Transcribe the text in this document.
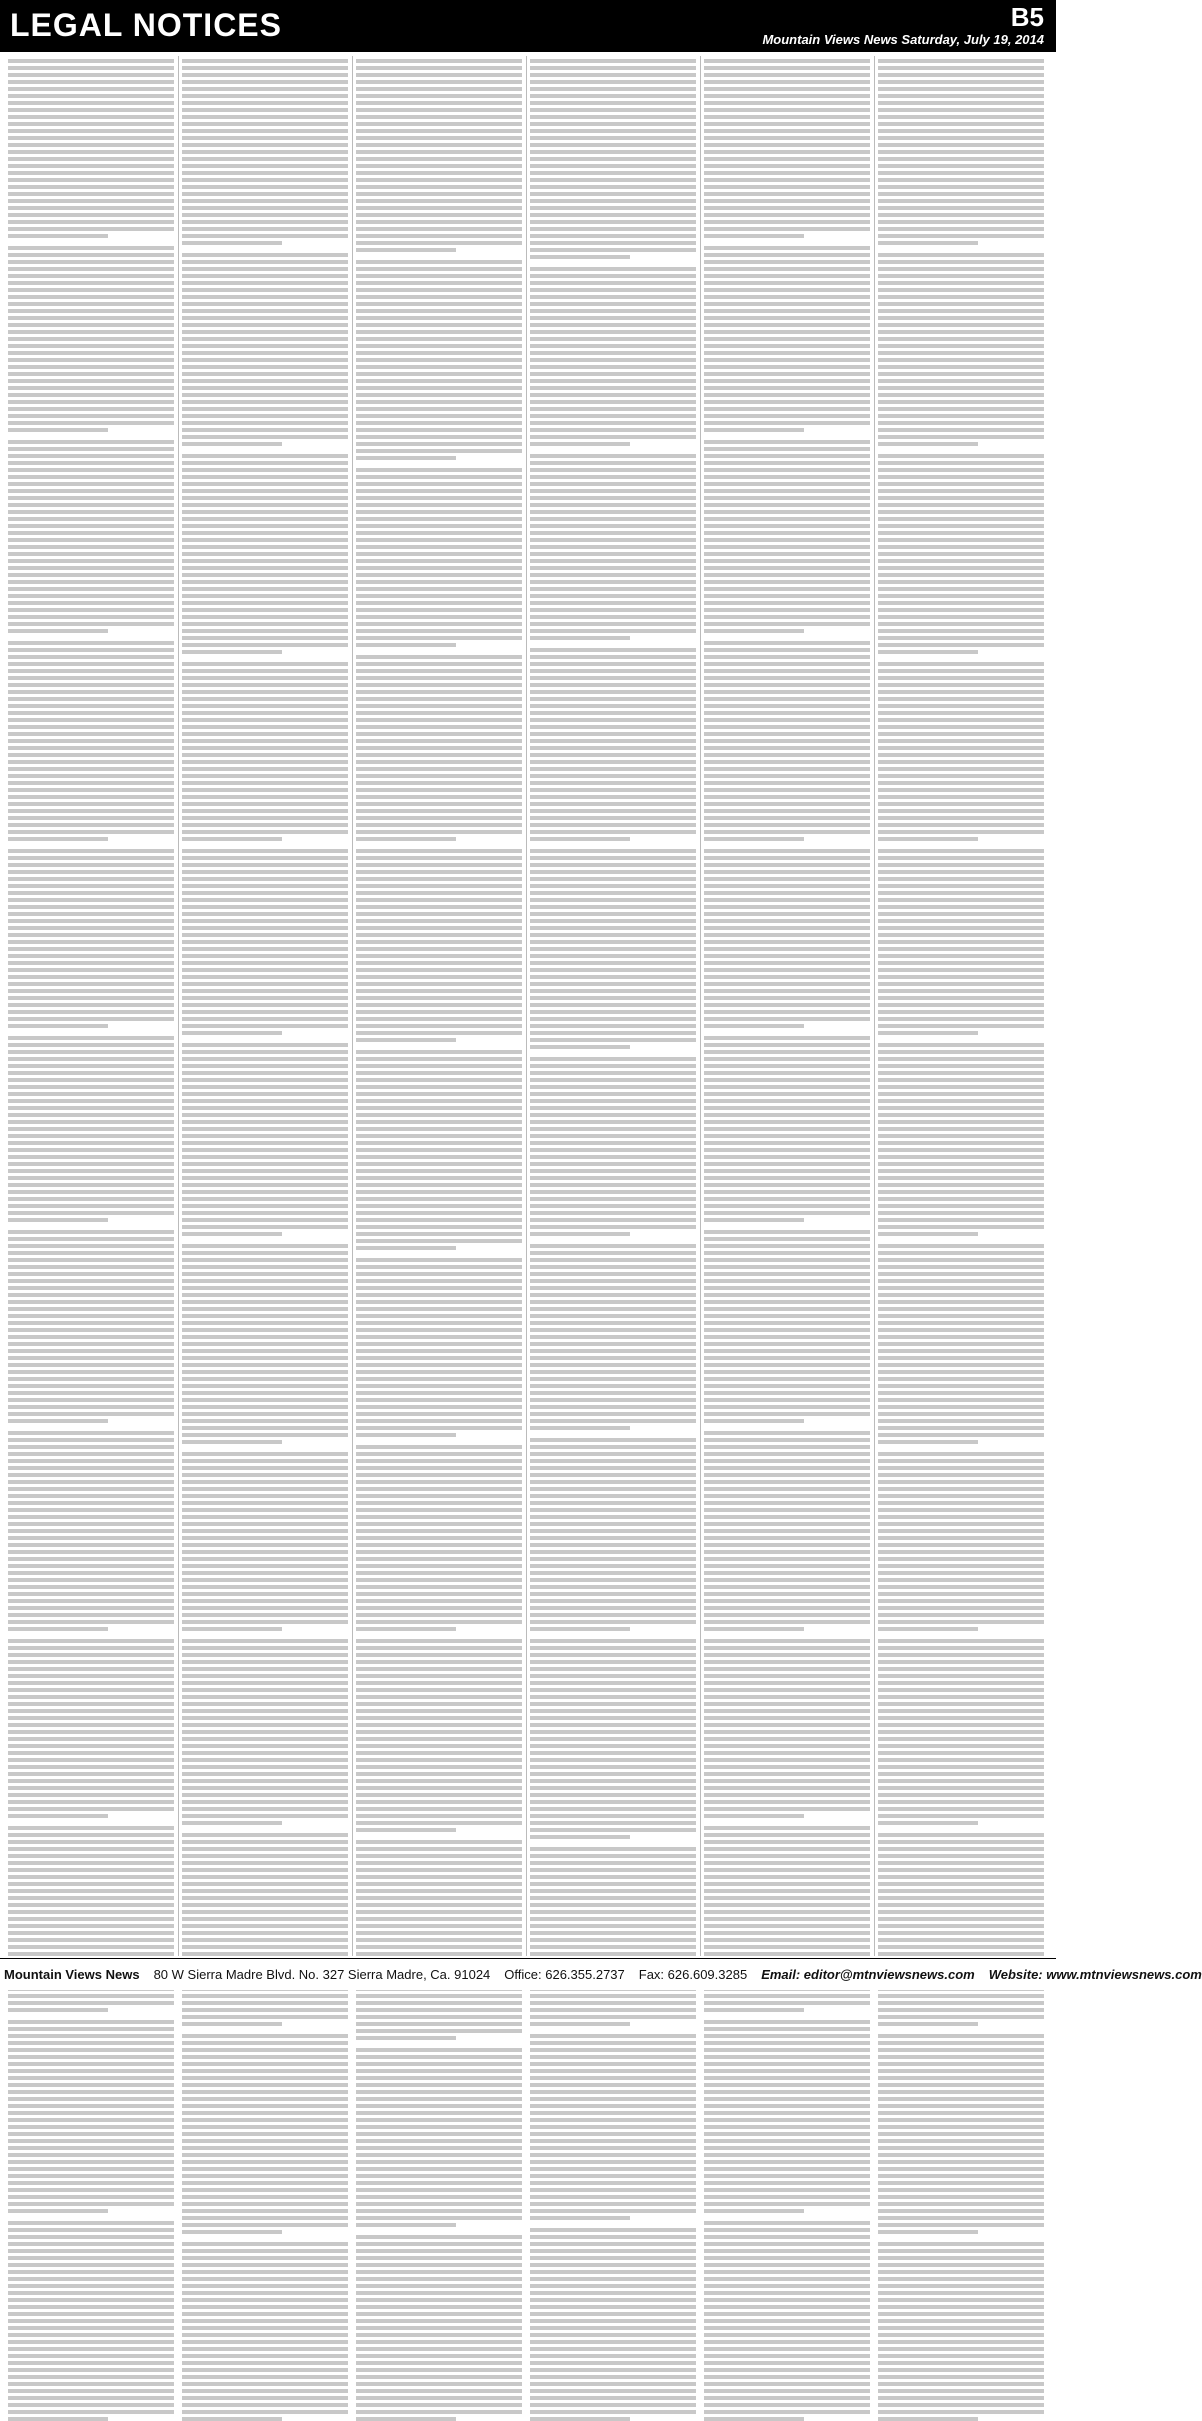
LEGAL NOTICES	B5
Mountain Views News Saturday, July 19, 2014
Mountain Views News 80 W Sierra Madre Blvd. No. 327 Sierra Madre, Ca. 91024 Office: 626.355.2737 Fax: 626.609.3285 Email: editor@mtnviewsnews.com Website: www.mtnviewsnews.com
